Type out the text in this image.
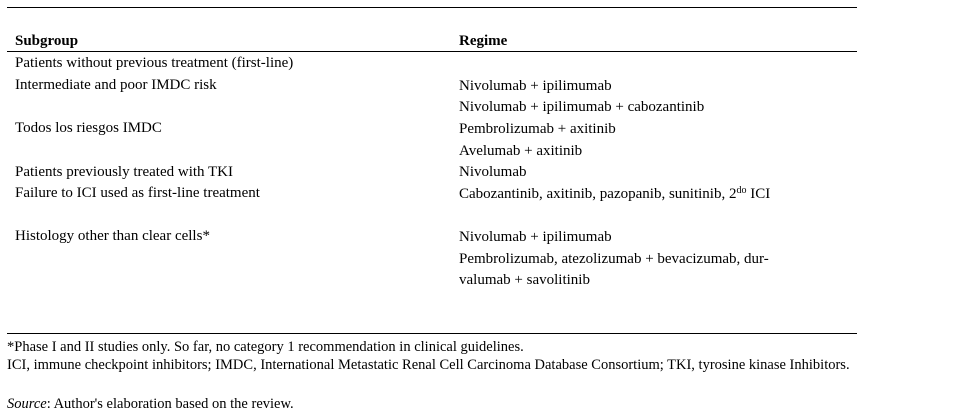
Subgroup	Regime
Patients without previous treatment (first-line)
Intermediate and poor IMDC risk	Nivolumab + ipilimumab
Nivolumab + ipilimumab + cabozantinib
Todos los riesgos IMDC	Pembrolizumab + axitinib
Avelumab + axitinib
Patients previously treated with TKI	Nivolumab
Failure to ICI used as first-line treatment	Cabozantinib, axitinib, pazopanib, sunitinib, $2^{do}$ ICI
Histology other than clear cells*	Nivolumab + ipilimumab
Pembrolizumab, atezolizumab + bevacizumab, dur-
valumab + savolitinib
*Phase I and II studies only. So far, no category 1 recommendation in clinical guidelines.
ICI, immune checkpoint inhibitors; IMDC, International Metastatic Renal Cell Carcinoma Database Consortium; TKI, tyrosine kinase Inhibitors.
Source: Author's elaboration based on the review.
